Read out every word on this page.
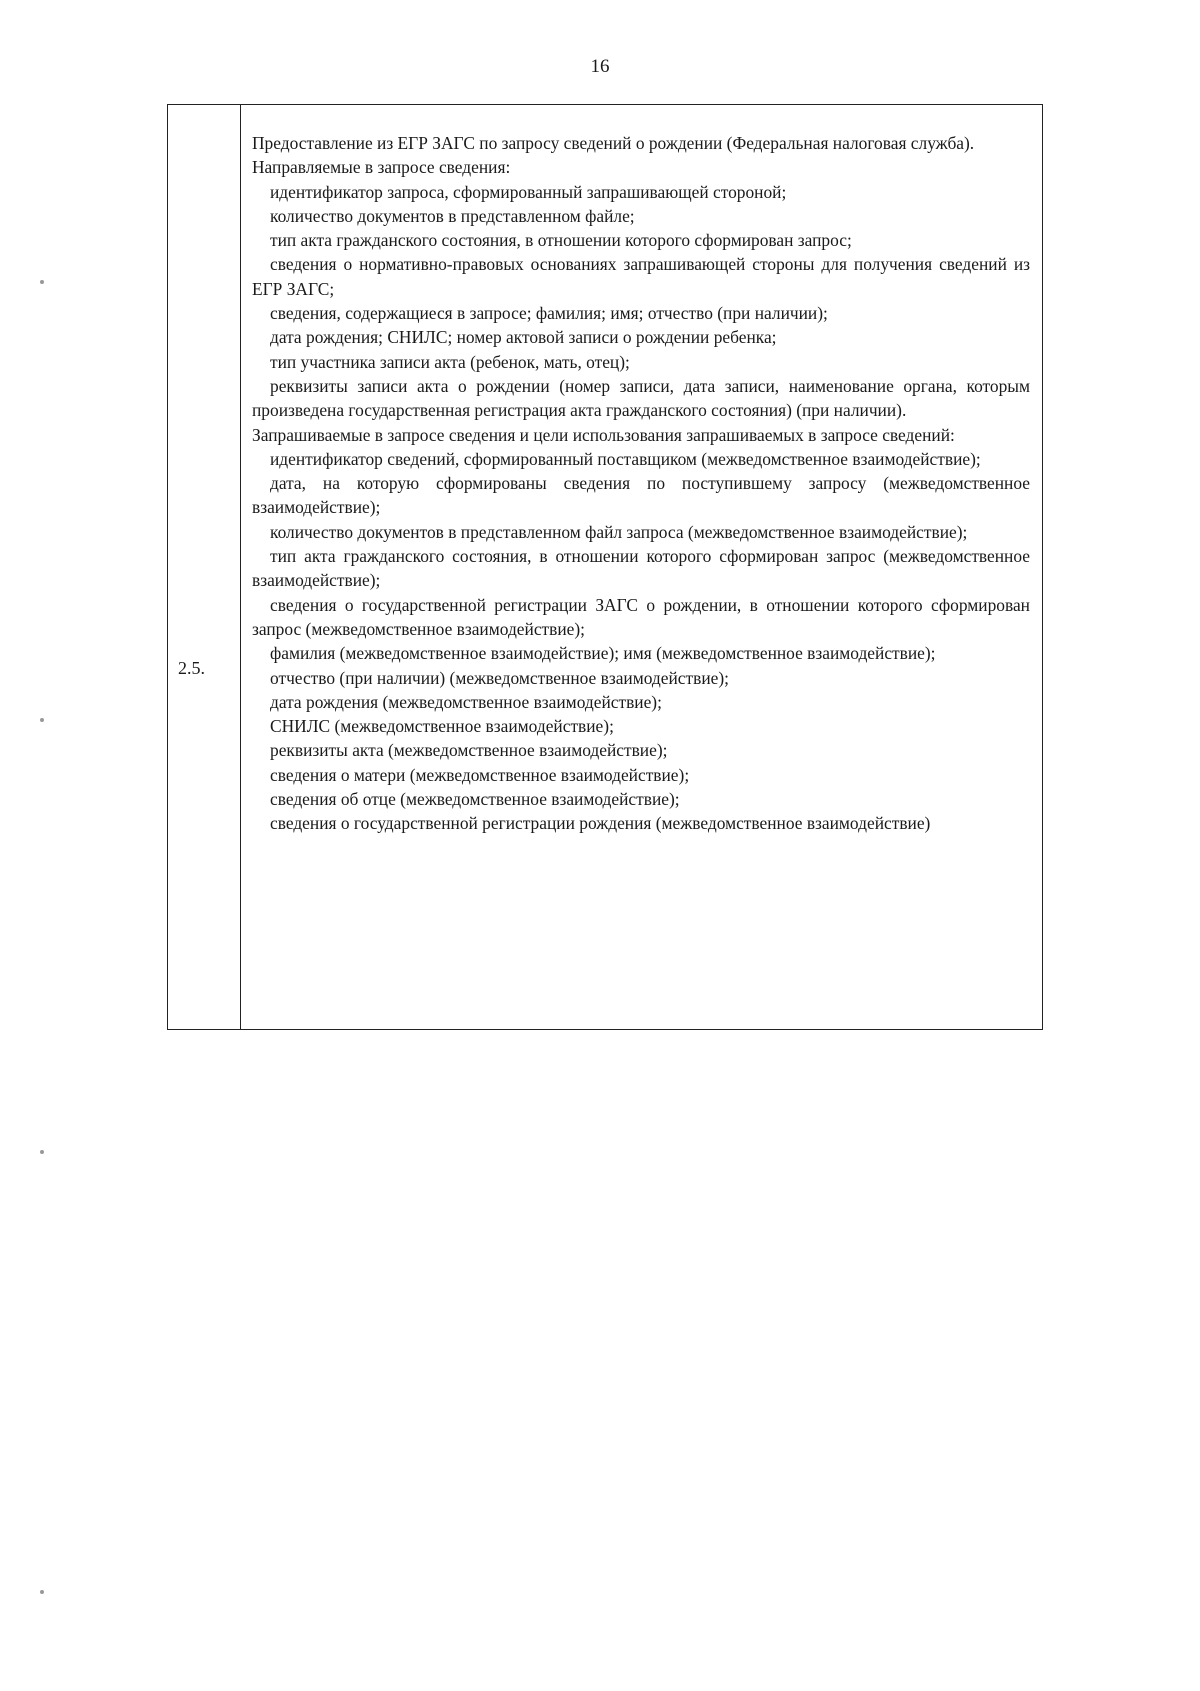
16
2.5.

Предоставление из ЕГР ЗАГС по запросу сведений о рождении (Федеральная налоговая служба).

Направляемые в запросе сведения:

идентификатор запроса, сформированный запрашивающей стороной;

количество документов в представленном файле;

тип акта гражданского состояния, в отношении которого сформирован запрос;

сведения о нормативно-правовых основаниях запрашивающей стороны для получения сведений из ЕГР ЗАГС;

сведения, содержащиеся в запросе; фамилия; имя; отчество (при наличии);

дата рождения; СНИЛС; номер актовой записи о рождении ребенка;

тип участника записи акта (ребенок, мать, отец);

реквизиты записи акта о рождении (номер записи, дата записи, наименование органа, которым произведена государственная регистрация акта гражданского состояния) (при наличии).

Запрашиваемые в запросе сведения и цели использования запрашиваемых в запросе сведений:

идентификатор сведений, сформированный поставщиком (межведомственное взаимодействие);

дата, на которую сформированы сведения по поступившему запросу (межведомственное взаимодействие);

количество документов в представленном файл запроса (межведомственное взаимодействие);

тип акта гражданского состояния, в отношении которого сформирован запрос (межведомственное взаимодействие);

сведения о государственной регистрации ЗАГС о рождении, в отношении которого сформирован запрос (межведомственное взаимодействие);

фамилия (межведомственное взаимодействие); имя (межведомственное взаимодействие);

отчество (при наличии) (межведомственное взаимодействие);

дата рождения (межведомственное взаимодействие);

СНИЛС (межведомственное взаимодействие);

реквизиты акта (межведомственное взаимодействие);

сведения о матери (межведомственное взаимодействие);

сведения об отце (межведомственное взаимодействие);

сведения о государственной регистрации рождения (межведомственное взаимодействие)
